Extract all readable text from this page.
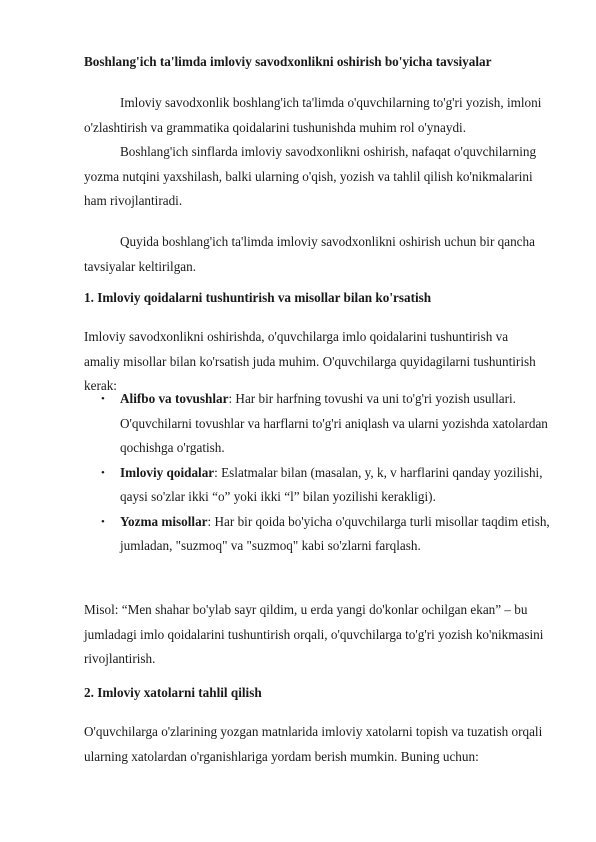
Boshlang'ich ta'limda imloviy savodxonlikni oshirish bo'yicha tavsiyalar
Imloviy savodxonlik boshlang'ich ta'limda o'quvchilarning to'g'ri yozish, imloni o'zlashtirish va grammatika qoidalarini tushunishda muhim rol o'ynaydi.
Boshlang'ich sinflarda imloviy savodxonlikni oshirish, nafaqat o'quvchilarning yozma nutqini yaxshilash, balki ularning o'qish, yozish va tahlil qilish ko'nikmalarini ham rivojlantiradi.
Quyida boshlang'ich ta'limda imloviy savodxonlikni oshirish uchun bir qancha tavsiyalar keltirilgan.
1. Imloviy qoidalarni tushuntirish va misollar bilan ko'rsatish
Imloviy savodxonlikni oshirishda, o'quvchilarga imlo qoidalarini tushuntirish va amaliy misollar bilan ko'rsatish juda muhim. O'quvchilarga quyidagilarni tushuntirish kerak:
• Alifbo va tovushlar: Har bir harfning tovushi va uni to'g'ri yozish usullari. O'quvchilarni tovushlar va harflarni to'g'ri aniqlash va ularni yozishda xatolardan qochishga o'rgatish.
• Imloviy qoidalar: Eslatmalar bilan (masalan, y, k, v harflarini qanday yozilishi, qaysi so'zlar ikki “o” yoki ikki “l” bilan yozilishi kerakligi).
• Yozma misollar: Har bir qoida bo'yicha o'quvchilarga turli misollar taqdim etish, jumladan, "suzmoq" va "suzmoq" kabi so'zlarni farqlash.
Misol: “Men shahar bo'ylab sayr qildim, u erda yangi do'konlar ochilgan ekan” – bu jumladagi imlo qoidalarini tushuntirish orqali, o'quvchilarga to'g'ri yozish ko'nikmasini rivojlantirish.
2. Imloviy xatolarni tahlil qilish
O'quvchilarga o'zlarining yozgan matnlarida imloviy xatolarni topish va tuzatish orqali ularning xatolardan o'rganishlariga yordam berish mumkin. Buning uchun:
